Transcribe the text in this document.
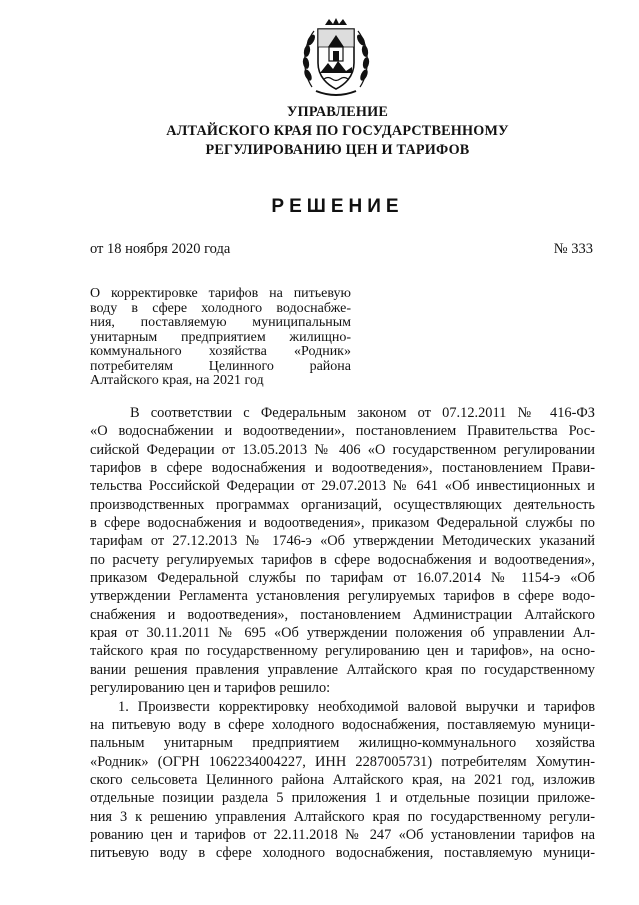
УПРАВЛЕНИЕ
АЛТАЙСКОГО КРАЯ ПО ГОСУДАРСТВЕННОМУ
РЕГУЛИРОВАНИЮ ЦЕН И ТАРИФОВ
РЕШЕНИЕ
от 18 ноября 2020 года	№ 333
О корректировке тарифов на питьевую
воду в сфере холодного водоснабже-
ния, поставляемую муниципальным
унитарным предприятием жилищно-
коммунального хозяйства «Родник»
потребителям Целинного района
Алтайского края, на 2021 год
В соответствии с Федеральным законом от 07.12.2011 № 416-ФЗ
«О водоснабжении и водоотведении», постановлением Правительства Рос-
сийской Федерации от 13.05.2013 № 406 «О государственном регулировании
тарифов в сфере водоснабжения и водоотведения», постановлением Прави-
тельства Российской Федерации от 29.07.2013 № 641 «Об инвестиционных и
производственных программах организаций, осуществляющих деятельность
в сфере водоснабжения и водоотведения», приказом Федеральной службы по
тарифам от 27.12.2013 № 1746-э «Об утверждении Методических указаний
по расчету регулируемых тарифов в сфере водоснабжения и водоотведения»,
приказом Федеральной службы по тарифам от 16.07.2014 № 1154-э «Об
утверждении Регламента установления регулируемых тарифов в сфере водо-
снабжения и водоотведения», постановлением Администрации Алтайского
края от 30.11.2011 № 695 «Об утверждении положения об управлении Ал-
тайского края по государственному регулированию цен и тарифов», на осно-
вании решения правления управление Алтайского края по государственному
регулированию цен и тарифов решило:
1. Произвести корректировку необходимой валовой выручки и тарифов
на питьевую воду в сфере холодного водоснабжения, поставляемую муници-
пальным унитарным предприятием жилищно-коммунального хозяйства
«Родник» (ОГРН 1062234004227, ИНН 2287005731) потребителям Хомутин-
ского сельсовета Целинного района Алтайского края, на 2021 год, изложив
отдельные позиции раздела 5 приложения 1 и отдельные позиции приложе-
ния 3 к решению управления Алтайского края по государственному регули-
рованию цен и тарифов от 22.11.2018 № 247 «Об установлении тарифов на
питьевую воду в сфере холодного водоснабжения, поставляемую муници-
